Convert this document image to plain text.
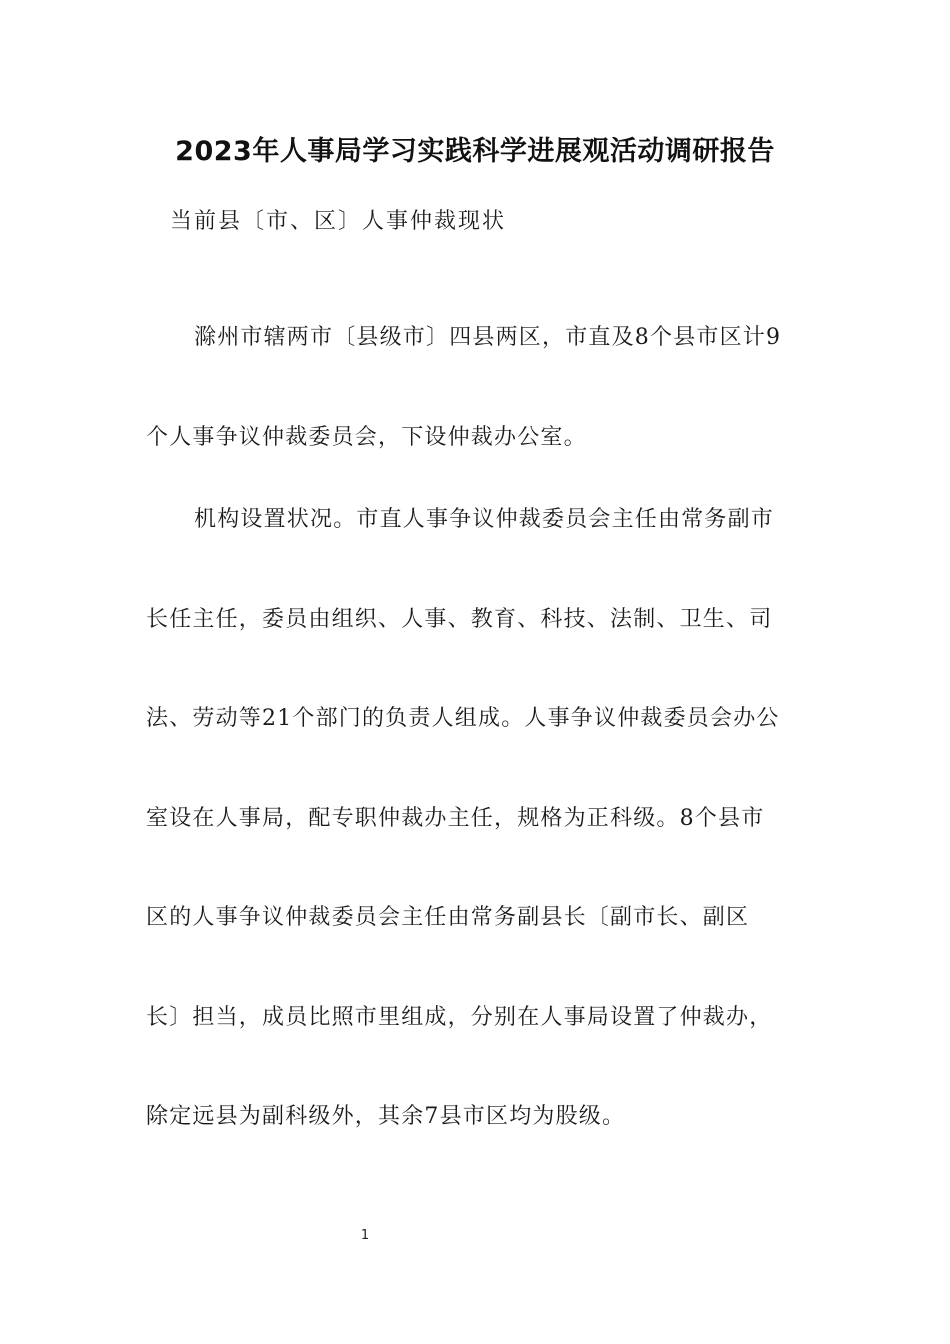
2023年人事局学习实践科学进展观活动调研报告
当前县〔市、区〕人事仲裁现状
滁州市辖两市〔县级市〕四县两区，市直及8个县市区计9
个人事争议仲裁委员会，下设仲裁办公室。
机构设置状况。市直人事争议仲裁委员会主任由常务副市
长任主任，委员由组织、人事、教育、科技、法制、卫生、司
法、劳动等21个部门的负责人组成。人事争议仲裁委员会办公
室设在人事局，配专职仲裁办主任，规格为正科级。8个县市
区的人事争议仲裁委员会主任由常务副县长〔副市长、副区
长〕担当，成员比照市里组成，分别在人事局设置了仲裁办，
除定远县为副科级外，其余7县市区均为股级。
1
